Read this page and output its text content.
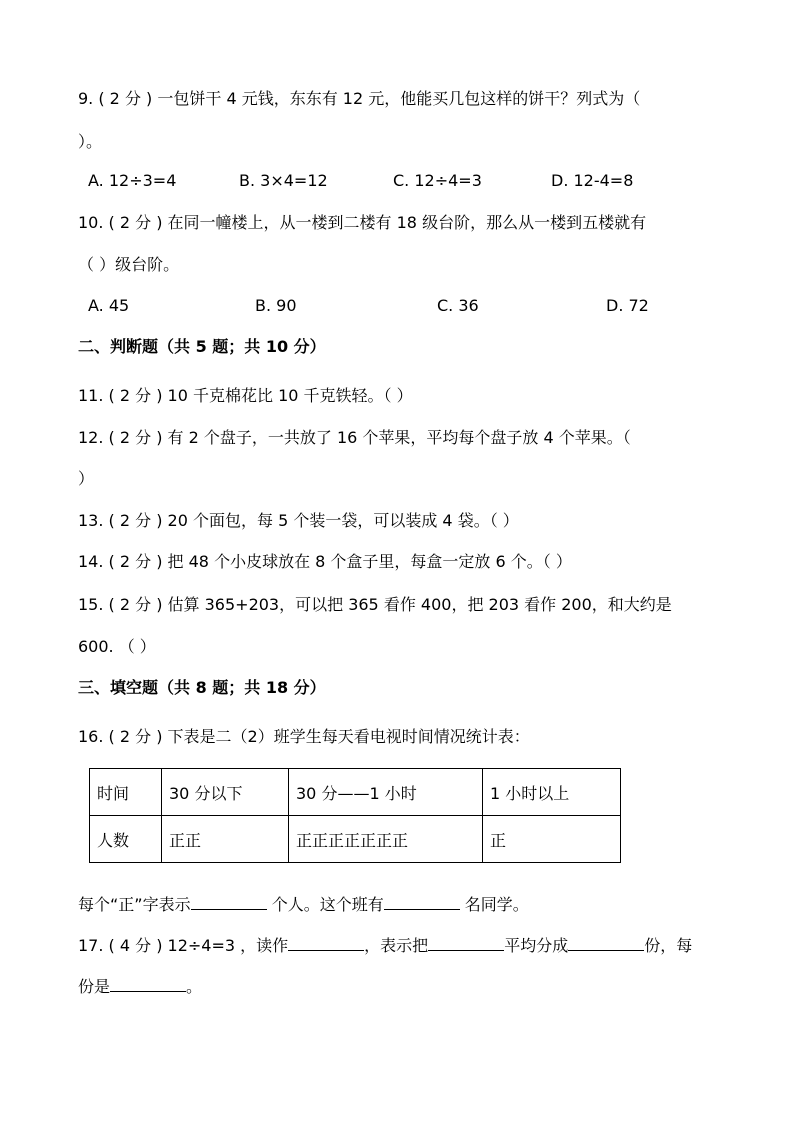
9. ( 2 分 ) 一包饼干 4 元钱，东东有 12 元，他能买几包这样的饼干？列式为（
）。
A. 12÷3=4	B. 3×4=12	C. 12÷4=3	D. 12-4=8
10. ( 2 分 ) 在同一幢楼上，从一楼到二楼有 18 级台阶，那么从一楼到五楼就有
（ ）级台阶。
A. 45	B. 90	C. 36	D. 72
二、判断题（共 5 题；共 10 分）
11. ( 2 分 ) 10 千克棉花比 10 千克铁轻。（ ）
12. ( 2 分 ) 有 2 个盘子，一共放了 16 个苹果，平均每个盘子放 4 个苹果。（
）
13. ( 2 分 ) 20 个面包，每 5 个装一袋，可以装成 4 袋。（ ）
14. ( 2 分 ) 把 48 个小皮球放在 8 个盒子里，每盒一定放 6 个。（ ）
15. ( 2 分 ) 估算 365+203，可以把 365 看作 400，把 203 看作 200，和大约是
600. （ ）
三、填空题（共 8 题；共 18 分）
16. ( 2 分 ) 下表是二（2）班学生每天看电视时间情况统计表：
时间	30 分以下	30 分——1 小时	1 小时以上
人数	正正	正正正正正正正	正
每个“正”字表示	个人。这个班有	名同学。
17. ( 4 分 ) 12÷4=3 ，读作	，表示把	平均分成	份，每
份是	。
